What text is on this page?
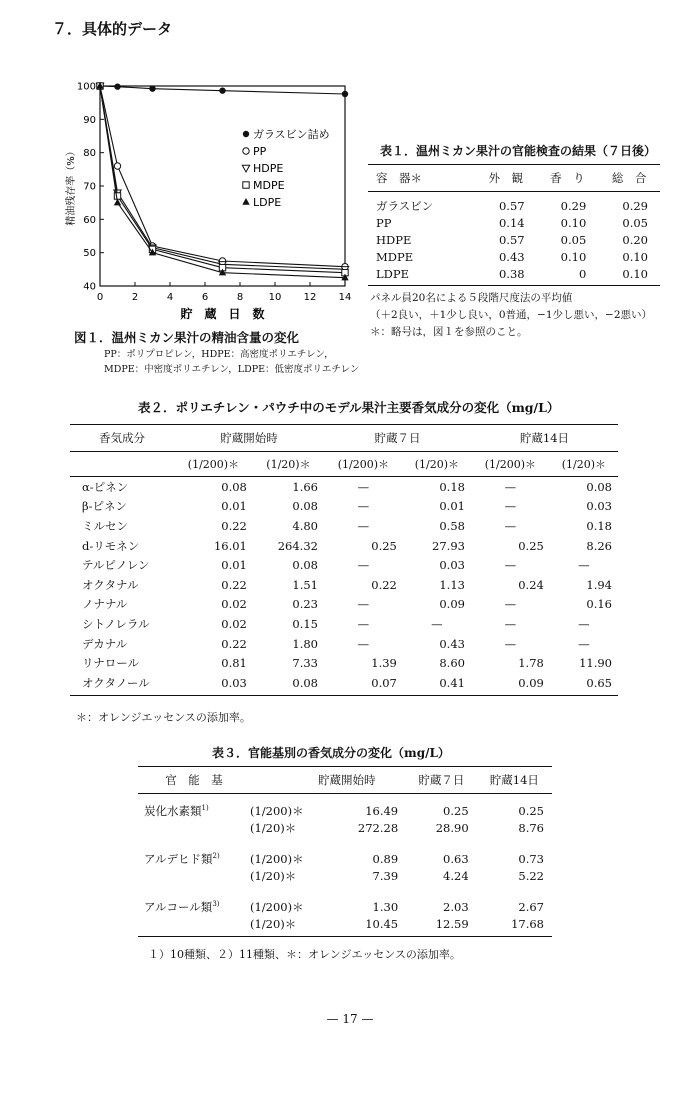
７．具体的データ
0	2	4	6	8	10 12 14
40
50
60
70
80
90
100
貯　蔵　日　数
精油残存率（%）
ガラスビン詰め
PP
HDPE
MDPE
LDPE
図１．温州ミカン果汁の精油含量の変化
PP：ポリプロピレン，HDPE：高密度ポリエチレン，
MDPE：中密度ポリエチレン，LDPE：低密度ポリエチレン
表１．温州ミカン果汁の官能検査の結果（７日後）
容　器＊	外　観	香　り	総　合
ガラスビン	0.57	0.29	0.29
PP	0.14	0.10	0.05
HDPE	0.57	0.05	0.20
MDPE	0.43	0.10	0.10
LDPE	0.38	0	0.10
パネル員20名による５段階尺度法の平均値
（＋2良い，＋1少し良い，0普通，−1少し悪い，−2悪い）
＊：略号は，図１を参照のこと。
表２．ポリエチレン・パウチ中のモデル果汁主要香気成分の変化（mg/L）
香気成分	貯蔵開始時		貯蔵７日		貯蔵14日	
	(1/200)＊	(1/20)＊	(1/200)＊	(1/20)＊	(1/200)＊	(1/20)＊
α-ピネン	0.08	1.66	—	0.18	—	0.08
β-ピネン	0.01	0.08	—	0.01	—	0.03
ミルセン	0.22	4.80	—	0.58	—	0.18
d-リモネン	16.01	264.32	0.25	27.93	0.25	8.26
テルピノレン	0.01	0.08	—	0.03	—	—
オクタナル	0.22	1.51	0.22	1.13	0.24	1.94
ノナナル	0.02	0.23	—	0.09	—	0.16
シトノレラル	0.02	0.15	—	—	—	—
デカナル	0.22	1.80	—	0.43	—	—
リナロール	0.81	7.33	1.39	8.60	1.78	11.90
オクタノール	0.03	0.08	0.07	0.41	0.09	0.65
＊：オレンジエッセンスの添加率。
表３．官能基別の香気成分の変化（mg/L）
官　能　基		貯蔵開始時	貯蔵７日	貯蔵14日
炭化水素類$^{1)}$	(1/200)＊	16.49	0.25	0.25
	(1/20)＊	272.28	28.90	8.76
アルデヒド類$^{2)}$	(1/200)＊	0.89	0.63	0.73
	(1/20)＊	7.39	4.24	5.22
アルコール類$^{3)}$	(1/200)＊	1.30	2.03	2.67
	(1/20)＊	10.45	12.59	17.68
１）10種類、２）11種類、＊：オレンジエッセンスの添加率。
— 17 —
